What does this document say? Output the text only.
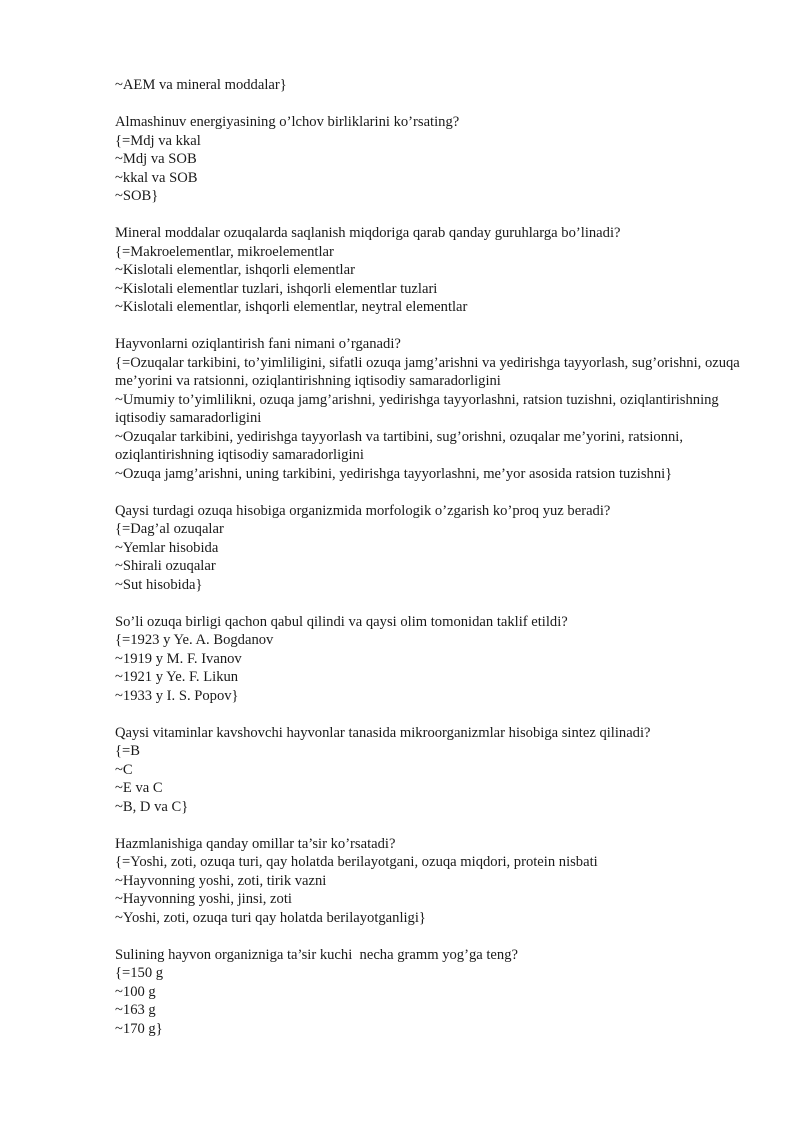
~AEM va mineral moddalar}

Almashinuv energiyasining o’lchov birliklarini ko’rsating?

{=Mdj va kkal

~Mdj va SOB

~kkal va SOB

~SOB}

Mineral moddalar ozuqalarda saqlanish miqdoriga qarab qanday guruhlarga bo’linadi?

{=Makroelementlar, mikroelementlar

~Kislotali elementlar, ishqorli elementlar

~Kislotali elementlar tuzlari, ishqorli elementlar tuzlari

~Kislotali elementlar, ishqorli elementlar, neytral elementlar

Hayvonlarni oziqlantirish fani nimani o’rganadi?

{=Ozuqalar tarkibini, to’yimliligini, sifatli ozuqa jamg’arishni va yedirishga tayyorlash, sug’orishni, ozuqa me’yorini va ratsionni, oziqlantirishning iqtisodiy samaradorligini

~Umumiy to’yimlilikni, ozuqa jamg’arishni, yedirishga tayyorlashni, ratsion tuzishni, oziqlantirishning iqtisodiy samaradorligini

~Ozuqalar tarkibini, yedirishga tayyorlash va tartibini, sug’orishni, ozuqalar me’yorini, ratsionni, oziqlantirishning iqtisodiy samaradorligini

~Ozuqa jamg’arishni, uning tarkibini, yedirishga tayyorlashni, me’yor asosida ratsion tuzishni}

Qaysi turdagi ozuqa hisobiga organizmida morfologik o’zgarish ko’proq yuz beradi?

{=Dag’al ozuqalar

~Yemlar hisobida

~Shirali ozuqalar

~Sut hisobida}

So’li ozuqa birligi qachon qabul qilindi va qaysi olim tomonidan taklif etildi?

{=1923 y Ye. A. Bogdanov

~1919 y M. F. Ivanov

~1921 y Ye. F. Likun

~1933 y I. S. Popov}

Qaysi vitaminlar kavshovchi hayvonlar tanasida mikroorganizmlar hisobiga sintez qilinadi?

{=B

~C

~E va C

~B, D va C}

Hazmlanishiga qanday omillar ta’sir ko’rsatadi?

{=Yoshi, zoti, ozuqa turi, qay holatda berilayotgani, ozuqa miqdori, protein nisbati

~Hayvonning yoshi, zoti, tirik vazni

~Hayvonning yoshi, jinsi, zoti

~Yoshi, zoti, ozuqa turi qay holatda berilayotganligi}

Sulining hayvon organizniga ta’sir kuchi  necha gramm yog’ga teng?

{=150 g

~100 g

~163 g

~170 g}
